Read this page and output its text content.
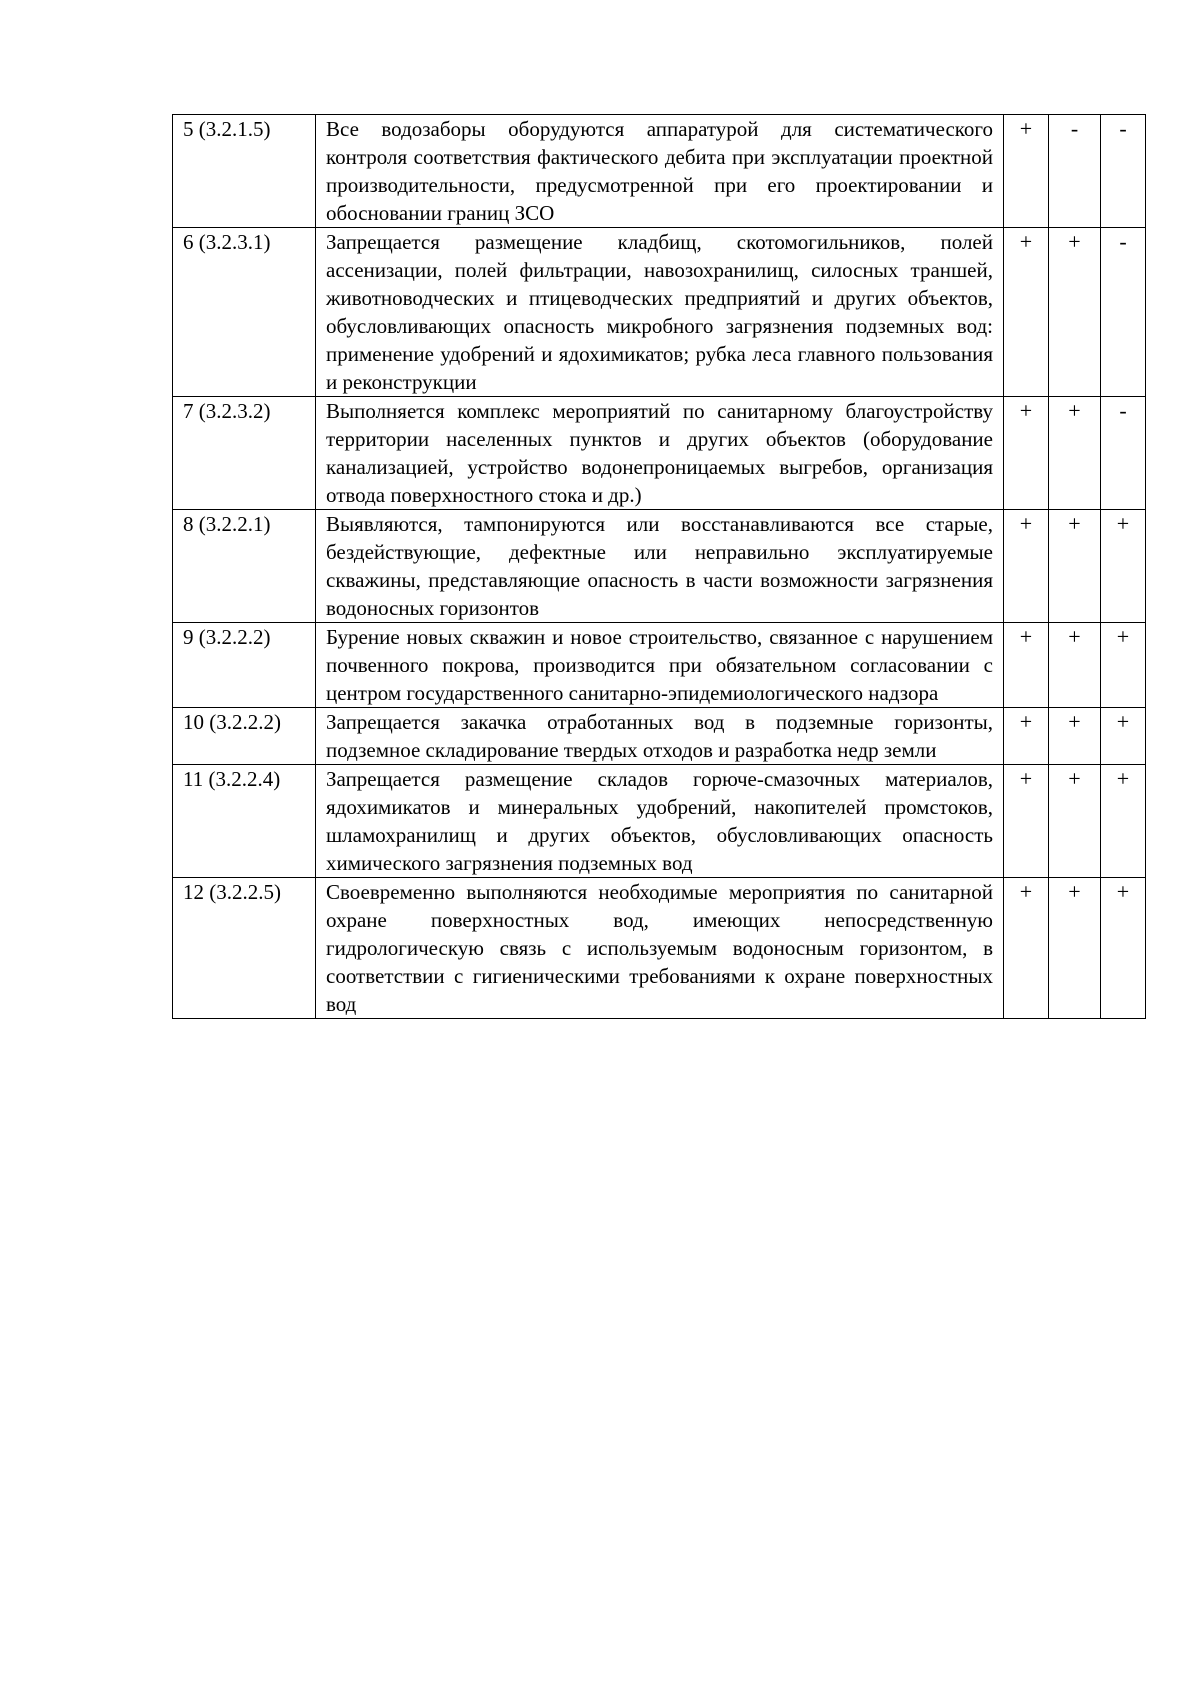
5 (3.2.1.5)	Все водозаборы оборудуются аппаратурой для систематического контроля соответствия фактического дебита при эксплуатации проектной производительности, предусмотренной при его проектировании и обосновании границ ЗСО	+	-	-
6 (3.2.3.1)	Запрещается размещение кладбищ, скотомогильников, полей ассенизации, полей фильтрации, навозохранилищ, силосных траншей, животноводческих и птицеводческих предприятий и других объектов, обусловливающих опасность микробного загрязнения подземных вод: применение удобрений и ядохимикатов; рубка леса главного пользования и реконструкции	+	+	-
7 (3.2.3.2)	Выполняется комплекс мероприятий по санитарному благоустройству территории населенных пунктов и других объектов (оборудование канализацией, устройство водонепроницаемых выгребов, организация отвода поверхностного стока и др.)	+	+	-
8 (3.2.2.1)	Выявляются, тампонируются или восстанавливаются все старые, бездействующие, дефектные или неправильно эксплуатируемые скважины, представляющие опасность в части возможности загрязнения водоносных горизонтов	+	+	+
9 (3.2.2.2)	Бурение новых скважин и новое строительство, связанное с нарушением почвенного покрова, производится при обязательном согласовании с центром государственного санитарно-эпидемиологического надзора	+	+	+
10 (3.2.2.2)	Запрещается закачка отработанных вод в подземные горизонты, подземное складирование твердых отходов и разработка недр земли	+	+	+
11 (3.2.2.4)	Запрещается размещение складов горюче-смазочных материалов, ядохимикатов и минеральных удобрений, накопителей промстоков, шламохранилищ и других объектов, обусловливающих опасность химического загрязнения подземных вод	+	+	+
12 (3.2.2.5)	Своевременно выполняются необходимые мероприятия по санитарной охране поверхностных вод, имеющих непосредственную гидрологическую связь с используемым водоносным горизонтом, в соответствии с гигиеническими требованиями к охране поверхностных вод	+	+	+
